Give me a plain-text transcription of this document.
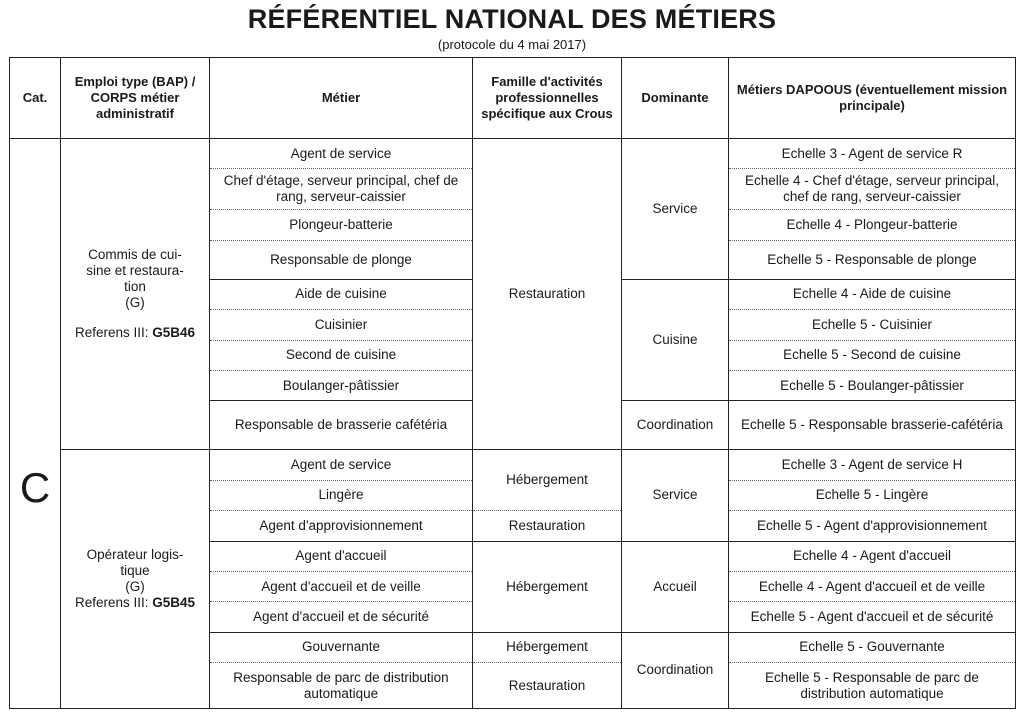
RÉFÉRENTIEL NATIONAL DES MÉTIERS
(protocole du 4 mai 2017)
Cat.	Emploi type (BAP) / CORPS métier administratif	Métier	Famille d'activités professionnelles spécifique aux Crous	Dominante	Métiers DAPOOUS (éventuellement mission principale)
C	Commis de cui-
sine et restaura-
tion
(G)
Referens III: G5B46	Agent de service	Restauration	Service	Echelle 3 - Agent de service R
		Chef d'étage, serveur principal, chef de rang, serveur-caissier			Echelle 4 - Chef d'étage, serveur principal, chef de rang, serveur-caissier
		Plongeur-batterie			Echelle 4 - Plongeur-batterie
		Responsable de plonge			Echelle 5 - Responsable de plonge
		Aide de cuisine		Cuisine	Echelle 4 - Aide de cuisine
		Cuisinier			Echelle 5 - Cuisinier
		Second de cuisine			Echelle 5 - Second de cuisine
		Boulanger-pâtissier			Echelle 5 - Boulanger-pâtissier
		Responsable de brasserie cafétéria		Coordination	Echelle 5 - Responsable brasserie-cafétéria

	Opérateur logis-
tique
(G)
Referens III: G5B45	Agent de service	Hébergement	Service	Echelle 3 - Agent de service H
		Lingère			Echelle 5 - Lingère
		Agent d'approvisionnement	Restauration		Echelle 5 - Agent d'approvisionnement
		Agent d'accueil	Hébergement	Accueil	Echelle 4 - Agent d'accueil
		Agent d'accueil et de veille			Echelle 4 - Agent d'accueil et de veille
		Agent d'accueil et de sécurité			Echelle 5 - Agent d'accueil et de sécurité
		Gouvernante	Hébergement	Coordination	Echelle 5 - Gouvernante
		Responsable de parc de distribution automatique	Restauration		Echelle 5 - Responsable de parc de distribution automatique
